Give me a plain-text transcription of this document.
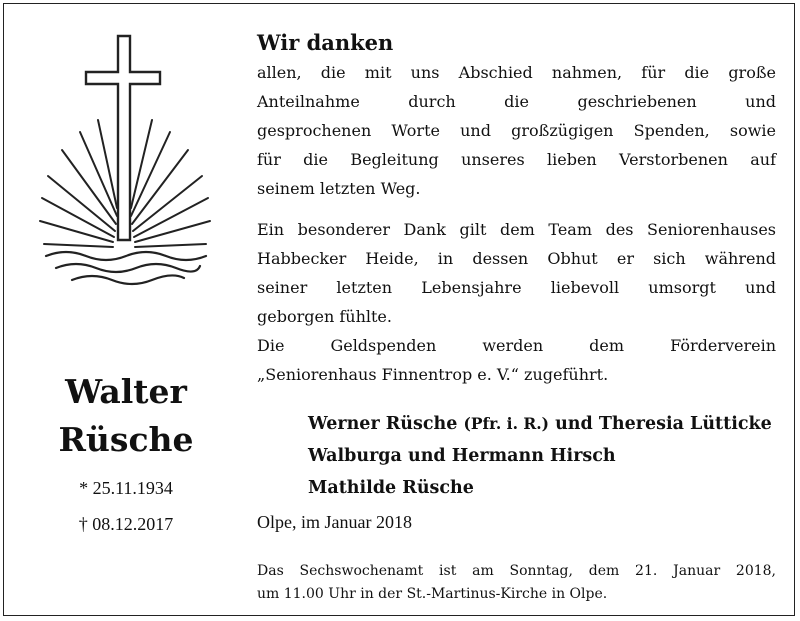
Walter
Rüsche
* 25.11.1934
† 08.12.2017
Wir danken
allen, die mit uns Abschied nahmen, für die große
Anteilnahme durch die geschriebenen und
gesprochenen Worte und großzügigen Spenden, sowie
für die Begleitung unseres lieben Verstorbenen auf
seinem letzten Weg.
Ein besonderer Dank gilt dem Team des Seniorenhauses
Habbecker Heide, in dessen Obhut er sich während
seiner letzten Lebensjahre liebevoll umsorgt und
geborgen fühlte.
Die Geldspenden werden dem Förderverein
„Seniorenhaus Finnentrop e. V.“ zugeführt.
Werner Rüsche (Pfr. i. R.) und Theresia Lütticke
Walburga und Hermann Hirsch
Mathilde Rüsche
Olpe, im Januar 2018
Das Sechswochenamt ist am Sonntag, dem 21. Januar 2018,
um 11.00 Uhr in der St.-Martinus-Kirche in Olpe.
